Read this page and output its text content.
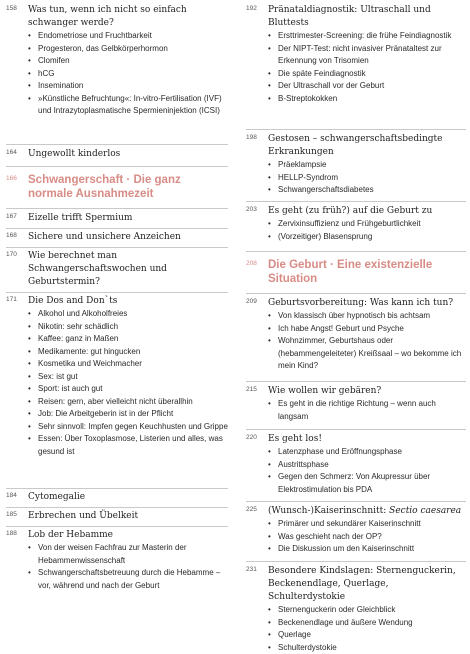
158	Was tun, wenn ich nicht so einfach schwanger werde?
• Endometriose und Fruchtbarkeit
• Progesteron, das Gelbkörperhormon
• Clomifen
• hCG
• Insemination
• »Künstliche Befruchtung«: In-vitro-Fertilisation (IVF) und Intrazytoplasmatische Spermieninjektion (ICSI)
164	Ungewollt kinderlos
166 Schwangerschaft · Die ganz normale Ausnahmezeit
167	Eizelle trifft Spermium
168	Sichere und unsichere Anzeichen
170	Wie berechnet man Schwangerschaftswochen und Geburtstermin?
171	Die Dos and Don`ts
• Alkohol und Alkoholfreies
• Nikotin: sehr schädlich
• Kaffee: ganz in Maßen
• Medikamente: gut hingucken
• Kosmetika und Weichmacher
• Sex: ist gut
• Sport: ist auch gut
• Reisen: gern, aber vielleicht nicht überallhin
• Job: Die Arbeitgeberin ist in der Pflicht
• Sehr sinnvoll: Impfen gegen Keuchhusten und Grippe
• Essen: Über Toxoplasmose, Listerien und alles, was gesund ist
184	Cytomegalie
185	Erbrechen und Übelkeit
188	Lob der Hebamme
• Von der weisen Fachfrau zur Masterin der Hebammenwissenschaft
• Schwangerschaftsbetreuung durch die Hebamme – vor, während und nach der Geburt
192	Pränataldiagnostik: Ultraschall und Bluttests
• Ersttrimester-Screening: die frühe Feindiagnostik
• Der NIPT-Test: nicht invasiver Pränataltest zur Erkennung von Trisomien
• Die späte Feindiagnostik
• Der Ultraschall vor der Geburt
• B-Streptokokken
198	Gestosen – schwangerschaftsbedingte Erkrankungen
• Präeklampsie
• HELLP-Syndrom
• Schwangerschaftsdiabetes
203	Es geht (zu früh?) auf die Geburt zu
• Zervixinsuffizienz und Frühgeburtlichkeit
• (Vorzeitiger) Blasensprung
208 Die Geburt · Eine existenzielle Situation
209	Geburtsvorbereitung: Was kann ich tun?
• Von klassisch über hypnotisch bis achtsam
• Ich habe Angst! Geburt und Psyche
• Wohnzimmer, Geburtshaus oder (hebammengeleiteter) Kreißsaal – wo bekomme ich mein Kind?
215	Wie wollen wir gebären?
• Es geht in die richtige Richtung – wenn auch langsam
220	Es geht los!
• Latenzphase und Eröffnungsphase
• Austrittsphase
• Gegen den Schmerz: Von Akupressur über Elektrostimulation bis PDA
225	(Wunsch-)Kaiserinschnitt: Sectio caesarea
• Primärer und sekundärer Kaiserinschnitt
• Was geschieht nach der OP?
• Die Diskussion um den Kaiserinschnitt
231	Besondere Kindslagen: Sternenguckerin, Beckenendlage, Querlage, Schulterdystokie
• Sternenguckerin oder Gleichblick
• Beckenendlage und äußere Wendung
• Querlage
• Schulterdystokie
